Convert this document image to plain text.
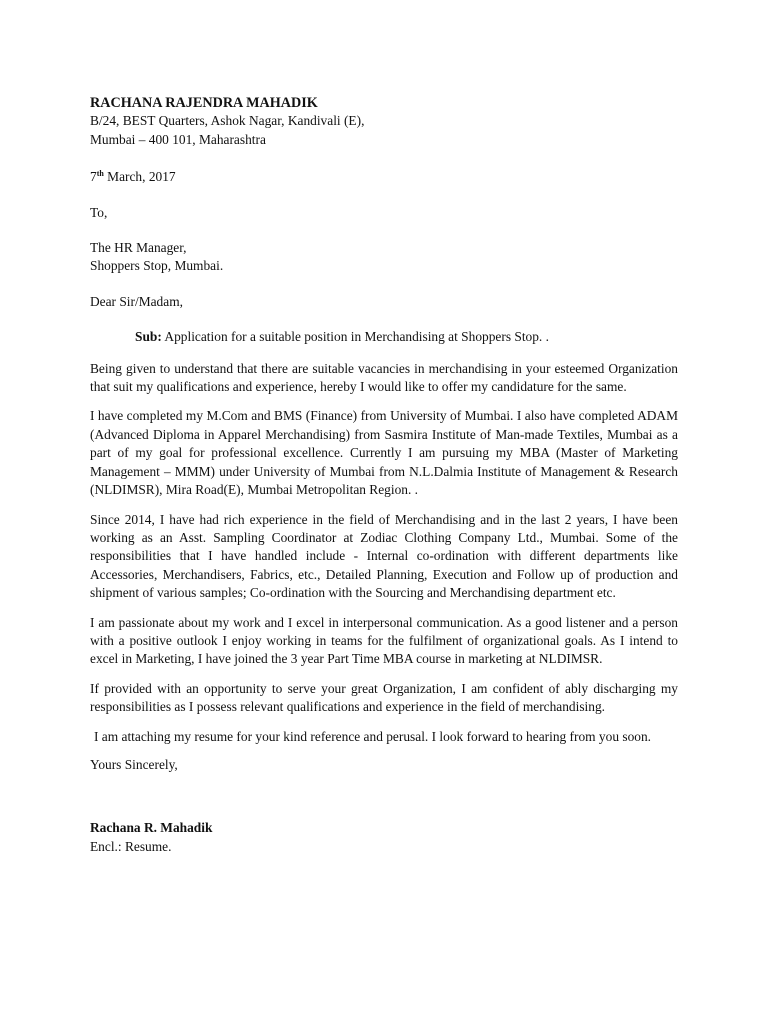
RACHANA RAJENDRA MAHADIK

B/24, BEST Quarters, Ashok Nagar, Kandivali (E),

Mumbai – 400 101, Maharashtra

7th March, 2017

To,

The HR Manager,

Shoppers Stop, Mumbai.

Dear Sir/Madam,

Sub: Application for a suitable position in Merchandising at Shoppers Stop. .

Being given to understand that there are suitable vacancies in merchandising in your esteemed Organization that suit my qualifications and experience, hereby I would like to offer my candidature for the same.

I have completed my M.Com and BMS (Finance) from University of Mumbai. I also have completed ADAM (Advanced Diploma in Apparel Merchandising) from Sasmira Institute of Man-made Textiles, Mumbai as a part of my goal for professional excellence. Currently I am pursuing my MBA (Master of Marketing Management – MMM) under University of Mumbai from N.L.Dalmia Institute of Management & Research (NLDIMSR), Mira Road(E), Mumbai Metropolitan Region. .

Since 2014, I have had rich experience in the field of Merchandising and in the last 2 years, I have been working as an Asst. Sampling Coordinator at Zodiac Clothing Company Ltd., Mumbai. Some of the responsibilities that I have handled include - Internal co-ordination with different departments like Accessories, Merchandisers, Fabrics, etc., Detailed Planning, Execution and Follow up of production and shipment of various samples; Co-ordination with the Sourcing and Merchandising department etc.

I am passionate about my work and I excel in interpersonal communication. As a good listener and a person with a positive outlook I enjoy working in teams for the fulfilment of organizational goals. As I intend to excel in Marketing, I have joined the 3 year Part Time MBA course in marketing at NLDIMSR.

If provided with an opportunity to serve your great Organization, I am confident of ably discharging my responsibilities as I possess relevant qualifications and experience in the field of merchandising.

I am attaching my resume for your kind reference and perusal. I look forward to hearing from you soon.

Yours Sincerely,

Rachana R. Mahadik

Encl.: Resume.
